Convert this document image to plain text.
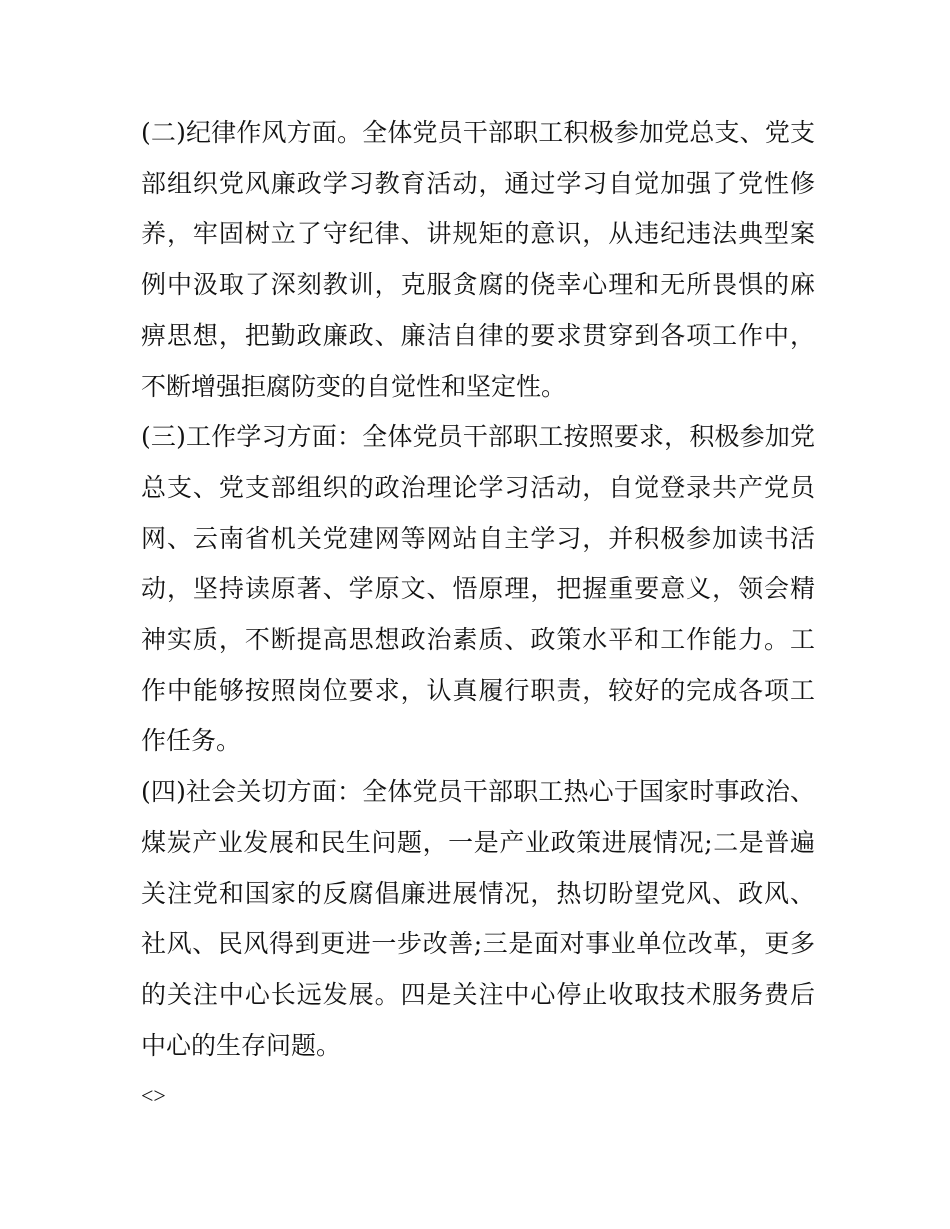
(二)纪律作风方面。全体党员干部职工积极参加党总支、党支部组织党风廉政学习教育活动，通过学习自觉加强了党性修养，牢固树立了守纪律、讲规矩的意识，从违纪违法典型案例中汲取了深刻教训，克服贪腐的侥幸心理和无所畏惧的麻痹思想，把勤政廉政、廉洁自律的要求贯穿到各项工作中，不断增强拒腐防变的自觉性和坚定性。

(三)工作学习方面：全体党员干部职工按照要求，积极参加党总支、党支部组织的政治理论学习活动，自觉登录共产党员网、云南省机关党建网等网站自主学习，并积极参加读书活动，坚持读原著、学原文、悟原理，把握重要意义，领会精神实质，不断提高思想政治素质、政策水平和工作能力。工作中能够按照岗位要求，认真履行职责，较好的完成各项工作任务。

(四)社会关切方面：全体党员干部职工热心于国家时事政治、煤炭产业发展和民生问题，一是产业政策进展情况;二是普遍关注党和国家的反腐倡廉进展情况，热切盼望党风、政风、社风、民风得到更进一步改善;三是面对事业单位改革，更多的关注中心长远发展。四是关注中心停止收取技术服务费后中心的生存问题。

<>
